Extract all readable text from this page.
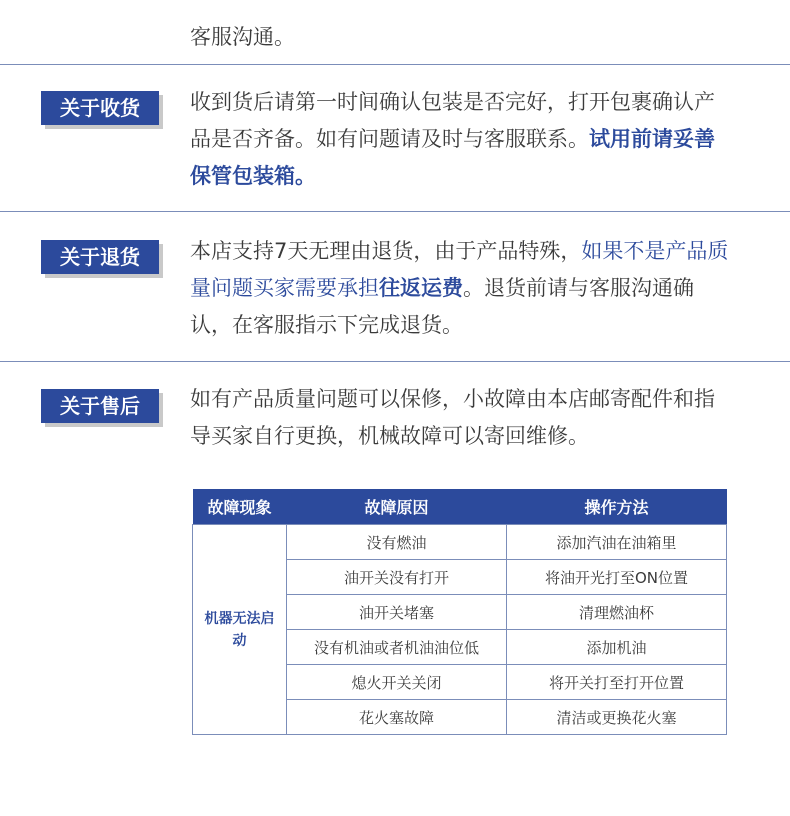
客服沟通。
关于收货	收到货后请第一时间确认包装是否完好，打开包裹确认产品是否齐备。如有问题请及时与客服联系。试用前请妥善保管包装箱。
关于退货	本店支持7天无理由退货，由于产品特殊，如果不是产品质量问题买家需要承担往返运费。退货前请与客服沟通确认，在客服指示下完成退货。
关于售后	如有产品质量问题可以保修，小故障由本店邮寄配件和指导买家自行更换，机械故障可以寄回维修。
故障现象	故障原因	操作方法

机器无法启动	没有燃油	添加汽油在油箱里
	油开关没有打开	将油开光打至ON位置
	油开关堵塞	清理燃油杯
	没有机油或者机油油位低	添加机油
	熄火开关关闭	将开关打至打开位置
	花火塞故障	清洁或更换花火塞
